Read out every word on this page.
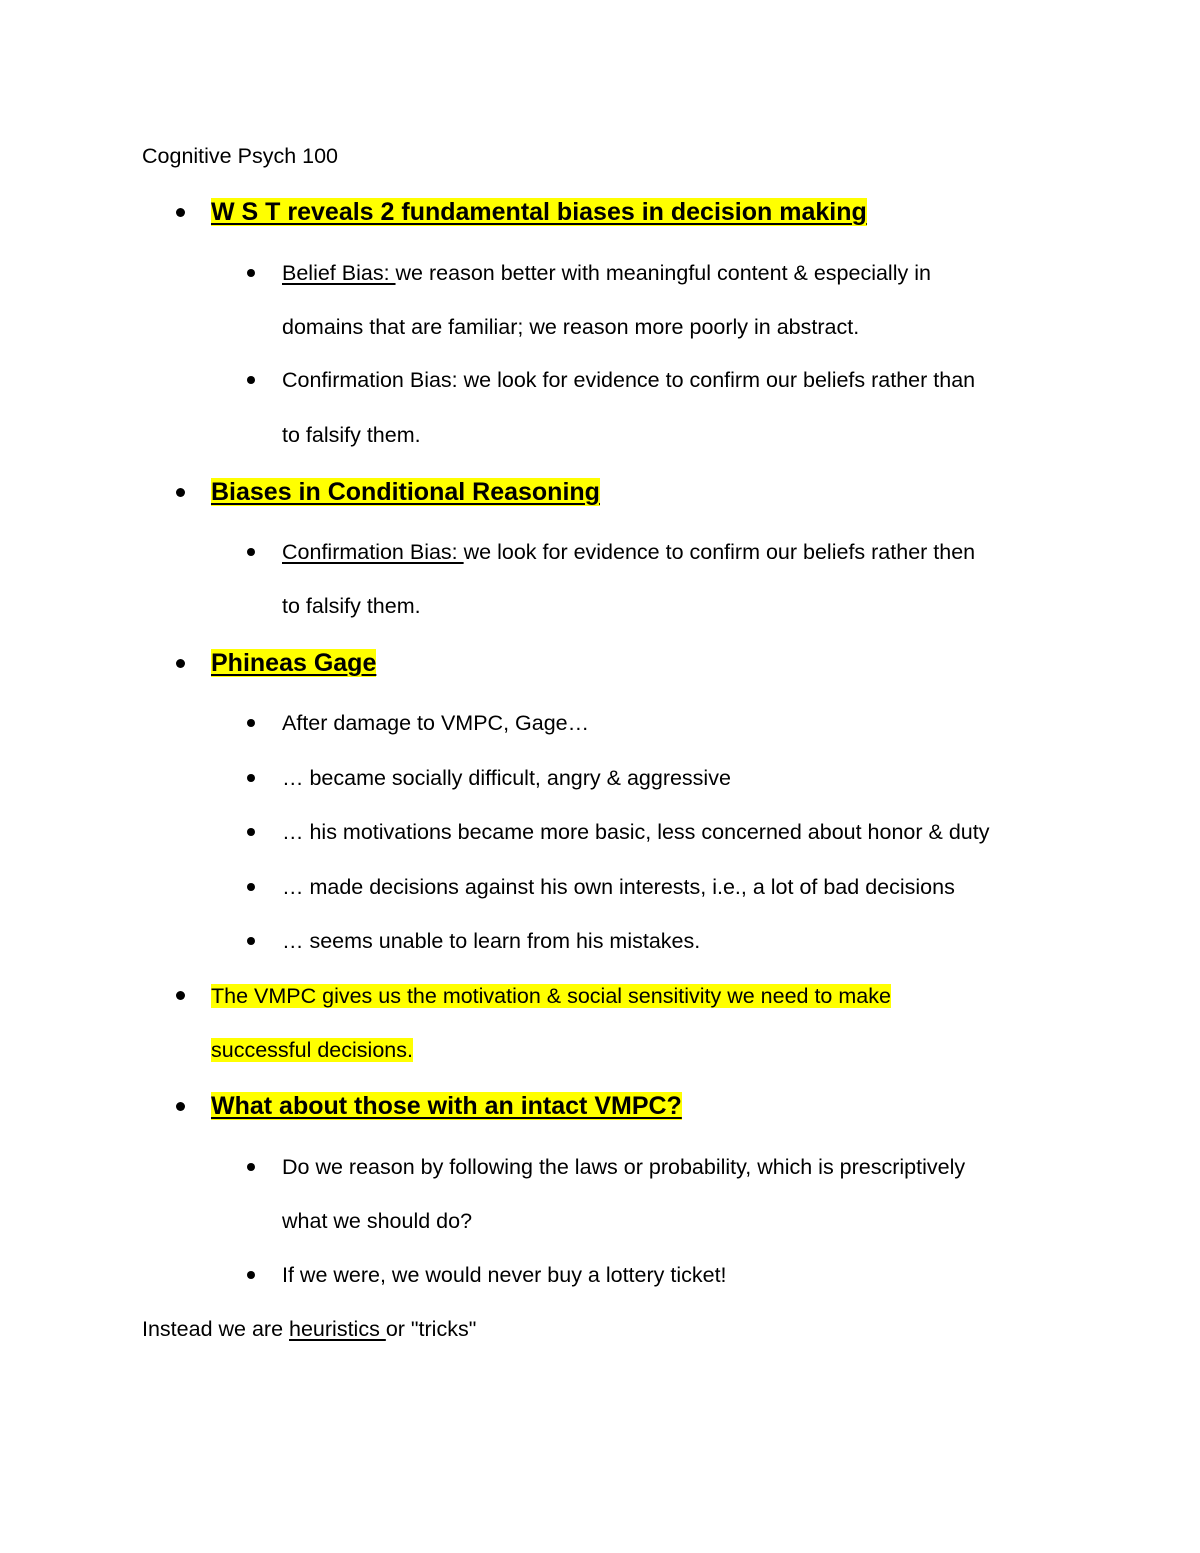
Cognitive Psych 100
W S T reveals 2 fundamental biases in decision making
Belief Bias: we reason better with meaningful content & especially in
domains that are familiar; we reason more poorly in abstract.
Confirmation Bias: we look for evidence to confirm our beliefs rather than
to falsify them.
Biases in Conditional Reasoning
Confirmation Bias: we look for evidence to confirm our beliefs rather then
to falsify them.
Phineas Gage
After damage to VMPC, Gage…
… became socially difficult, angry & aggressive
… his motivations became more basic, less concerned about honor & duty
… made decisions against his own interests, i.e., a lot of bad decisions
… seems unable to learn from his mistakes.
The VMPC gives us the motivation & social sensitivity we need to make
successful decisions.
What about those with an intact VMPC?
Do we reason by following the laws or probability, which is prescriptively
what we should do?
If we were, we would never buy a lottery ticket!
Instead we are heuristics or "tricks"
